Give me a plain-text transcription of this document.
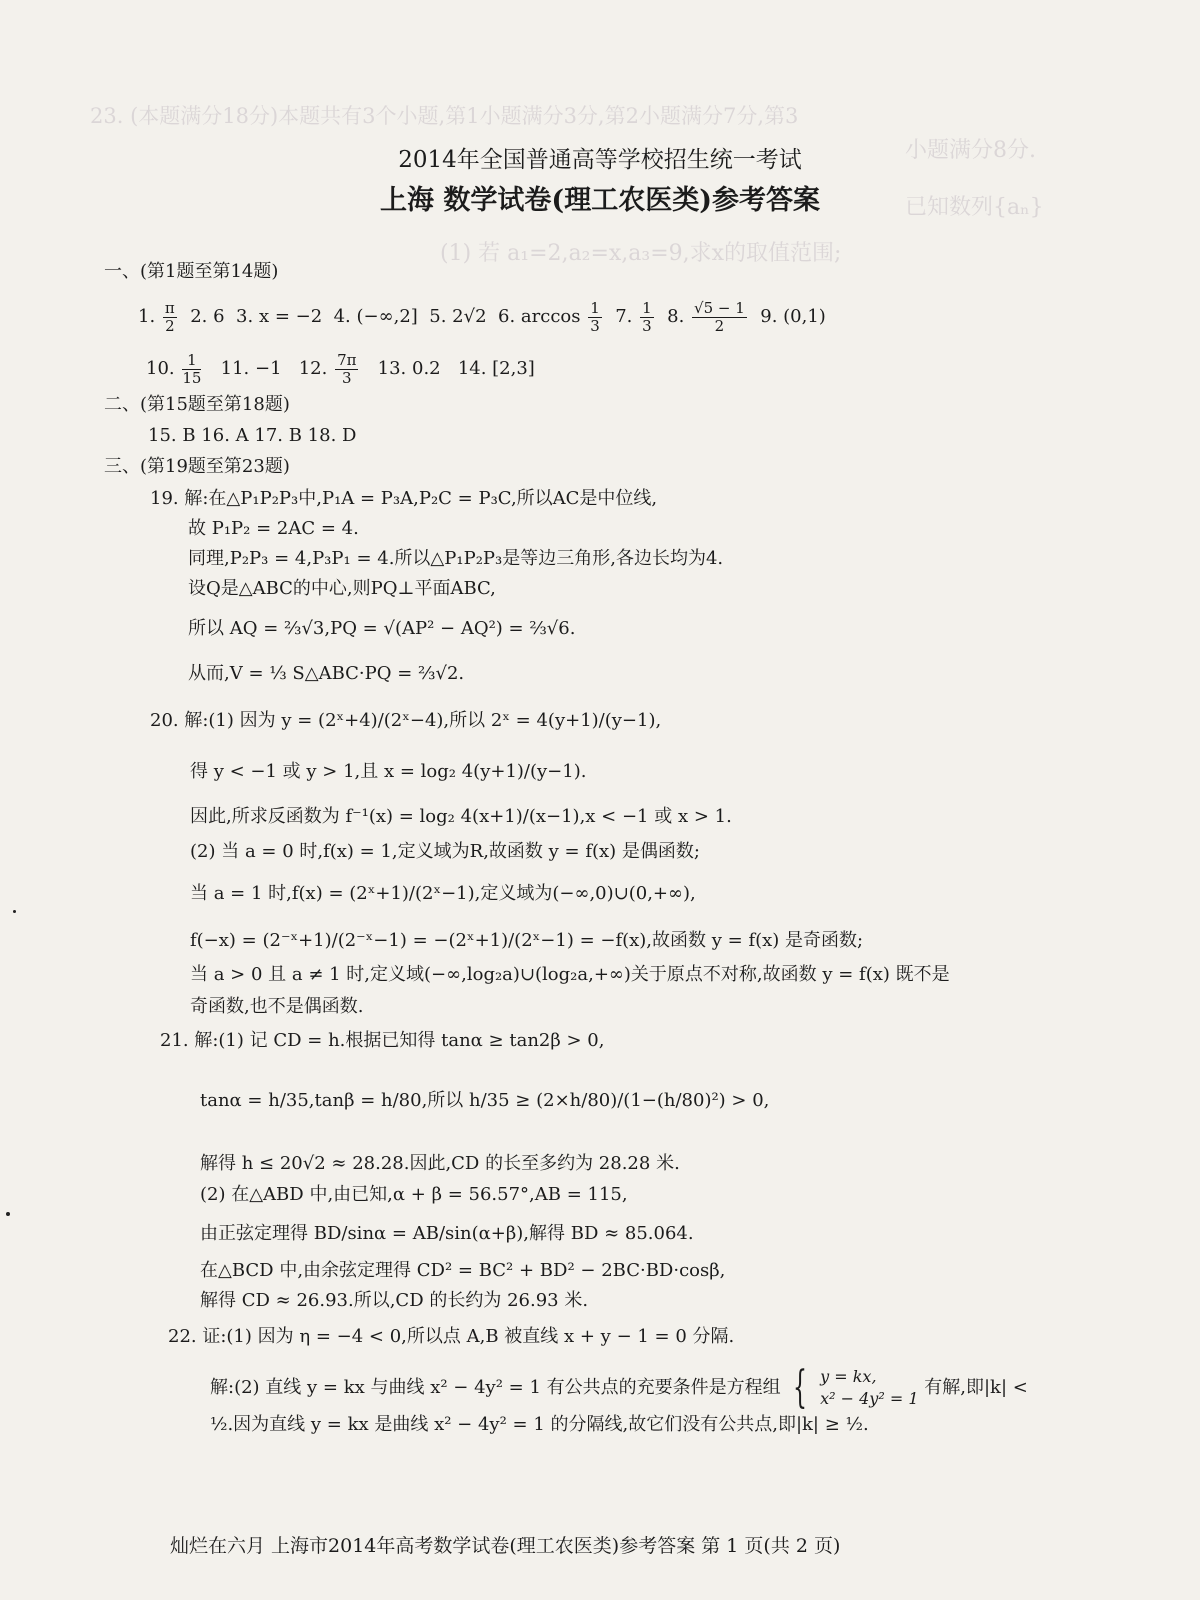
23. (本题满分18分)本题共有3个小题,第1小题满分3分,第2小题满分7分,第3
小题满分8分.
已知数列{aₙ}
(1) 若 a₁=2,a₂=x,a₃=9,求x的取值范围;
2014年全国普通高等学校招生统一考试
上海 数学试卷(理工农医类)参考答案
一、(第1题至第14题)
1. $\frac{\pi}{2} 2$. 6 3. x = −2 4. (−∞,2] 5. 2√2 6. $\arccos \frac{1}{3} 7$. $\frac{1}{3} 8$. $\frac{√5 - 1}{2} 9$. (0,1)
10. $\frac{1}{15} 11$. −1 12. $\frac{7\pi}{3} 13$. 0.2 14. [2,3]
二、(第15题至第18题)
15. B 16. A 17. B 18. D
三、(第19题至第23题)
19. 解:在△P₁P₂P₃中,P₁A = P₃A,P₂C = P₃C,所以AC是中位线,
故 P₁P₂ = 2AC = 4.
同理,P₂P₃ = 4,P₃P₁ = 4.所以△P₁P₂P₃是等边三角形,各边长均为4.
设Q是△ABC的中心,则PQ⊥平面ABC,
所以 AQ = ⅔√3,PQ = √(AP² − AQ²) = ⅔√6.
从而,V = ⅓ S△ABC·PQ = ⅔√2.
20. 解:(1) 因为 y = (2ˣ+4)/(2ˣ−4),所以 2ˣ = 4(y+1)/(y−1),
得 y < −1 或 y > 1,且 x = log₂ 4(y+1)/(y−1).
因此,所求反函数为 f⁻¹(x) = log₂ 4(x+1)/(x−1),x < −1 或 x > 1.
(2) 当 a = 0 时,f(x) = 1,定义域为R,故函数 y = f(x) 是偶函数;
当 a = 1 时,f(x) = (2ˣ+1)/(2ˣ−1),定义域为(−∞,0)∪(0,+∞),
f(−x) = (2⁻ˣ+1)/(2⁻ˣ−1) = −(2ˣ+1)/(2ˣ−1) = −f(x),故函数 y = f(x) 是奇函数;
当 a > 0 且 a ≠ 1 时,定义域(−∞,log₂a)∪(log₂a,+∞)关于原点不对称,故函数 y = f(x) 既不是
奇函数,也不是偶函数.
21. 解:(1) 记 CD = h.根据已知得 tanα ≥ tan2β > 0,
tanα = h/35,tanβ = h/80,所以 h/35 ≥ (2×h/80)/(1−(h/80)²) > 0,
解得 h ≤ 20√2 ≈ 28.28.因此,CD 的长至多约为 28.28 米.
(2) 在△ABD 中,由已知,α + β = 56.57°,AB = 115,
由正弦定理得 BD/sinα = AB/sin(α+β),解得 BD ≈ 85.064.
在△BCD 中,由余弦定理得 CD² = BC² + BD² − 2BC·BD·cosβ,
解得 CD ≈ 26.93.所以,CD 的长约为 26.93 米.
22. 证:(1) 因为 η = −4 < 0,所以点 A,B 被直线 x + y − 1 = 0 分隔.
解:(2) 直线 y = kx 与曲线 x² − 4y² = 1 有公共点的充要条件是方程组 { y = kx,
x² − 4y² = 1
有解,即|k| <
½.因为直线 y = kx 是曲线 x² − 4y² = 1 的分隔线,故它们没有公共点,即|k| ≥ ½.
灿烂在六月 上海市2014年高考数学试卷(理工农医类)参考答案 第 1 页(共 2 页)
